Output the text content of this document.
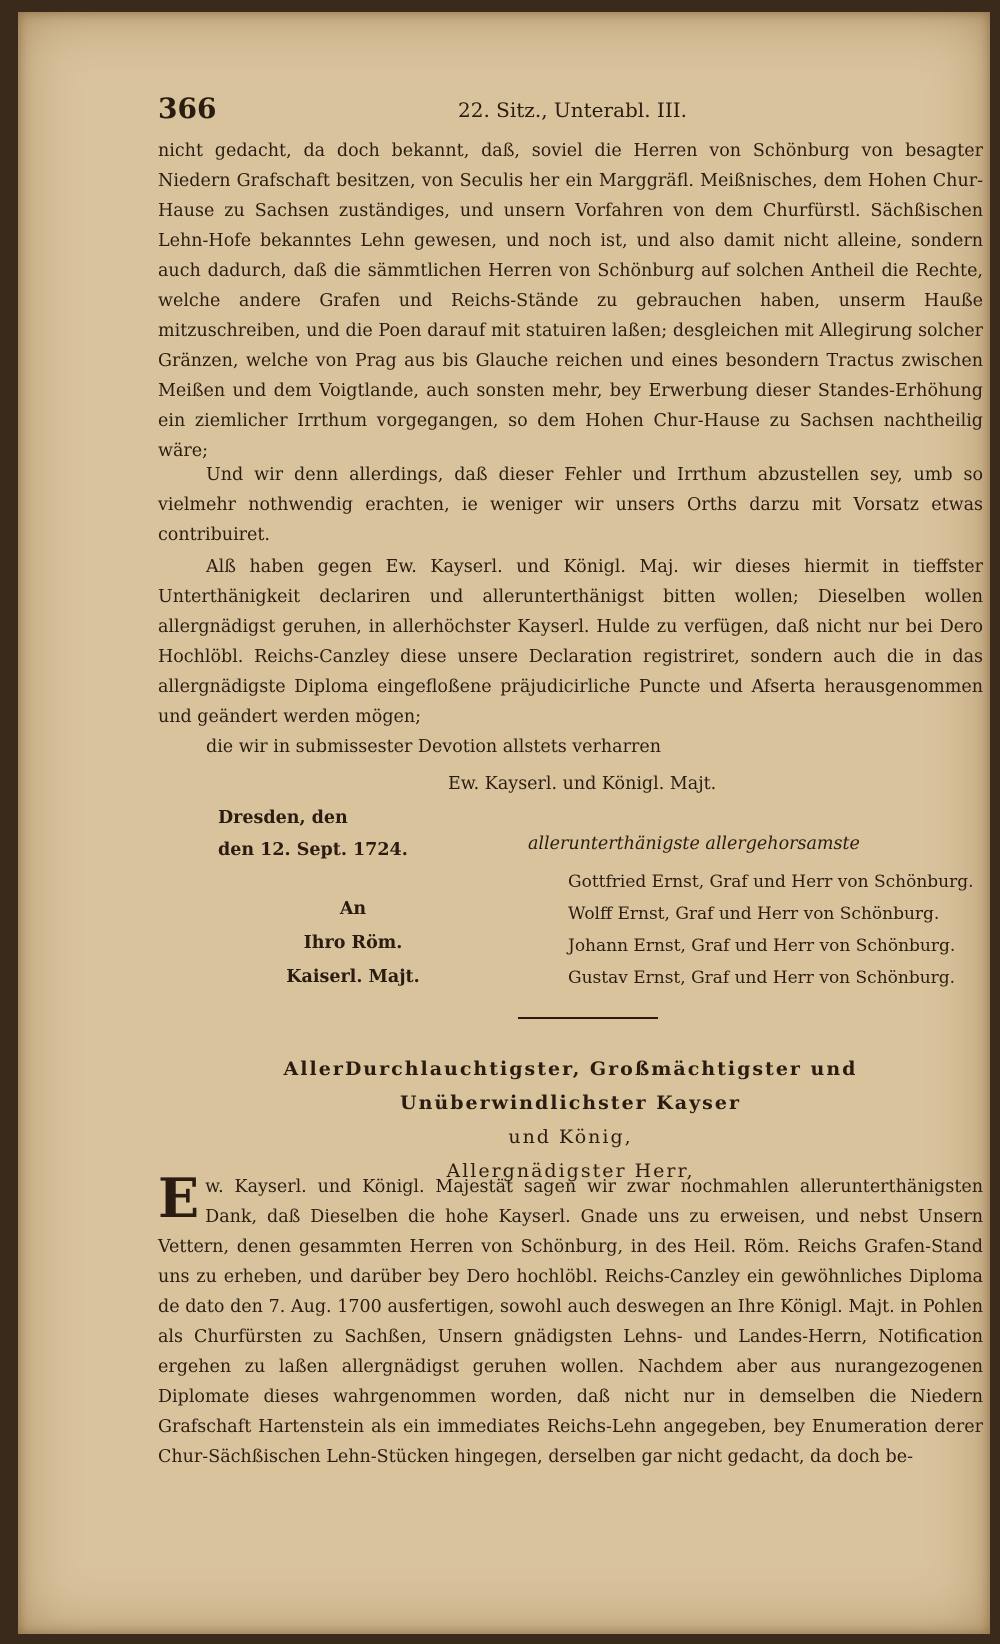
366	22. Sitz., Unterabl. III.

nicht gedacht, da doch bekannt, daß, soviel die Herren von Schönburg von besagter Niedern Grafschaft besitzen, von Seculis her ein Marggräfl. Meißnisches, dem Hohen Chur-Hause zu Sachsen zuständiges, und unsern Vorfahren von dem Churfürstl. Sächßischen Lehn-Hofe bekanntes Lehn gewesen, und noch ist, und also damit nicht alleine, sondern auch dadurch, daß die sämmtlichen Herren von Schönburg auf solchen Antheil die Rechte, welche andere Grafen und Reichs-Stände zu gebrauchen haben, unserm Hauße mitzuschreiben, und die Poen darauf mit statuiren laßen; desgleichen mit Allegirung solcher Gränzen, welche von Prag aus bis Glauche reichen und eines besondern Tractus zwischen Meißen und dem Voigtlande, auch sonsten mehr, bey Erwerbung dieser Standes-Erhöhung ein ziemlicher Irrthum vorgegangen, so dem Hohen Chur-Hause zu Sachsen nachtheilig wäre;

Und wir denn allerdings, daß dieser Fehler und Irrthum abzustellen sey, umb so vielmehr nothwendig erachten, ie weniger wir unsers Orths darzu mit Vorsatz etwas contribuiret.

Alß haben gegen Ew. Kayserl. und Königl. Maj. wir dieses hiermit in tieffster Unterthänigkeit declariren und allerunterthänigst bitten wollen; Dieselben wollen allergnädigst geruhen, in allerhöchster Kayserl. Hulde zu verfügen, daß nicht nur bei Dero Hochlöbl. Reichs-Canzley diese unsere Declaration registriret, sondern auch die in das allergnädigste Diploma eingefloßene präjudicirliche Puncte und Afserta herausgenommen und geändert werden mögen;

die wir in submissester Devotion allstets verharren

Ew. Kayserl. und Königl. Majt.
Dresden, den
den 12. Sept. 1724.	allerunterthänigste allergehorsamste
An
Ihro Röm. Kaiserl. Majt.
Gottfried Ernst, Graf und Herr von Schönburg.
Wolff Ernst, Graf und Herr von Schönburg.
Johann Ernst, Graf und Herr von Schönburg.
Gustav Ernst, Graf und Herr von Schönburg.
AllerDurchlauchtigster, Großmächtigster und Unüberwindlichster Kayser
und König,
Allergnädigster Herr,

Ew. Kayserl. und Königl. Majestät sagen wir zwar nochmahlen allerunterthänigsten Dank, daß Dieselben die hohe Kayserl. Gnade uns zu erweisen, und nebst Unsern Vettern, denen gesammten Herren von Schönburg, in des Heil. Röm. Reichs Grafen-Stand uns zu erheben, und darüber bey Dero hochlöbl. Reichs-Canzley ein gewöhnliches Diploma de dato den 7. Aug. 1700 ausfertigen, sowohl auch deswegen an Ihre Königl. Majt. in Pohlen als Churfürsten zu Sachßen, Unsern gnädigsten Lehns- und Landes-Herrn, Notification ergehen zu laßen allergnädigst geruhen wollen. Nachdem aber aus nurangezogenen Diplomate dieses wahrgenommen worden, daß nicht nur in demselben die Niedern Grafschaft Hartenstein als ein immediates Reichs-Lehn angegeben, bey Enumeration derer Chur-Sächßischen Lehn-Stücken hingegen, derselben gar nicht gedacht, da doch be-
